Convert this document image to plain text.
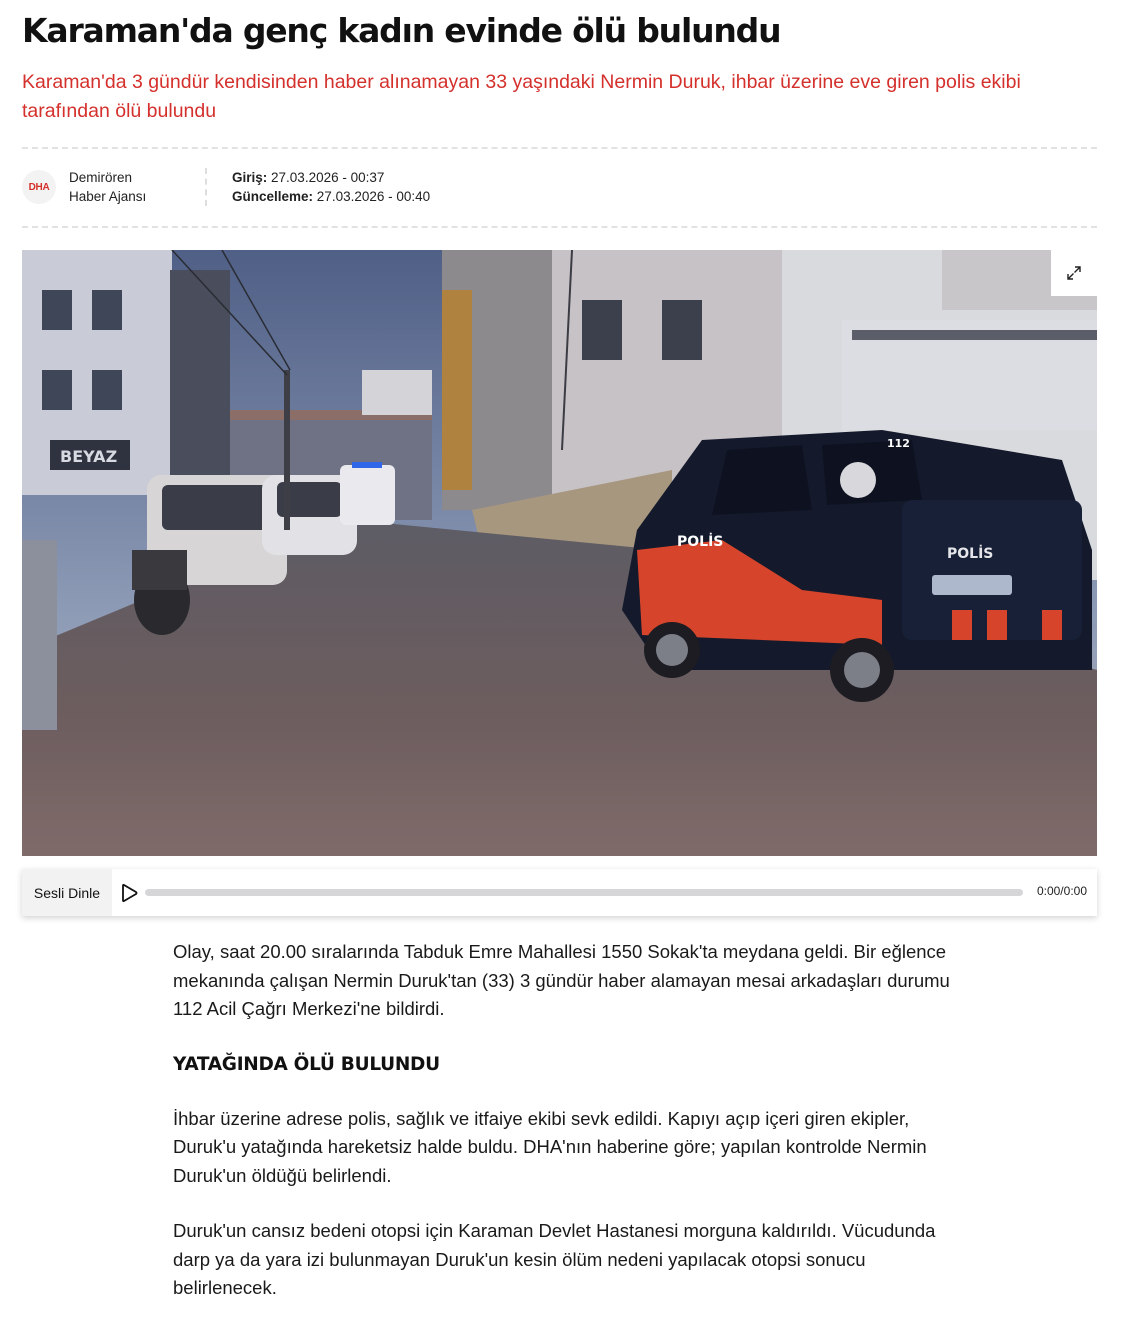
Karaman'da genç kadın evinde ölü bulundu

Karaman'da 3 gündür kendisinden haber alınamayan 33 yaşındaki Nermin Duruk, ihbar üzerine eve giren polis ekibi tarafından ölü bulundu

DHA
Demirören
Haber Ajansı
Giriş: 27.03.2026 - 00:37
Güncelleme: 27.03.2026 - 00:40
BEYAZ
POLİS
112
POLİS
Sesli Dinle	0:00/0:00

Olay, saat 20.00 sıralarında Tabduk Emre Mahallesi 1550 Sokak'ta meydana geldi. Bir eğlence mekanında çalışan Nermin Duruk'tan (33) 3 gündür haber alamayan mesai arkadaşları durumu 112 Acil Çağrı Merkezi'ne bildirdi.

YATAĞINDA ÖLÜ BULUNDU

İhbar üzerine adrese polis, sağlık ve itfaiye ekibi sevk edildi. Kapıyı açıp içeri giren ekipler, Duruk'u yatağında hareketsiz halde buldu. DHA'nın haberine göre; yapılan kontrolde Nermin Duruk'un öldüğü belirlendi.

Duruk'un cansız bedeni otopsi için Karaman Devlet Hastanesi morguna kaldırıldı. Vücudunda darp ya da yara izi bulunmayan Duruk'un kesin ölüm nedeni yapılacak otopsi sonucu belirlenecek.
